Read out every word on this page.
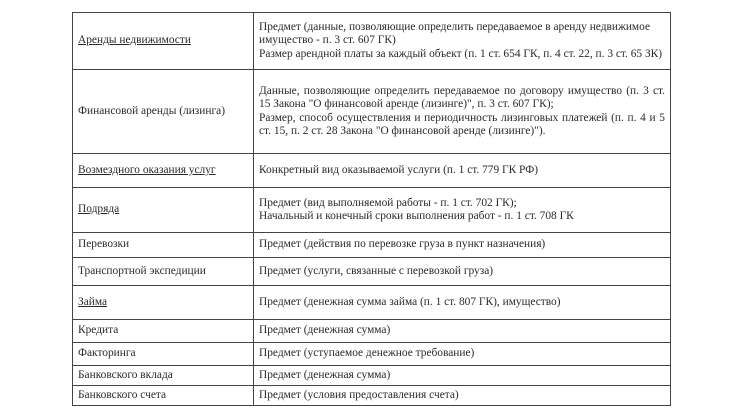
Аренды недвижимости	Предмет (данные, позволяющие определить передаваемое в аренду недвижимое имущество - п. 3 ст. 607 ГК)
Размер арендной платы за каждый объект (п. 1 ст. 654 ГК, п. 4 ст. 22, п. 3 ст. 65 ЗК)

Финансовой аренды (лизинга)	Данные, позволяющие определить передаваемое по договору имущество (п. 3 ст. 15 Закона "О финансовой аренде (лизинге)", п. 3 ст. 607 ГК);
Размер, способ осуществления и периодичность лизинговых платежей (п. п. 4 и 5 ст. 15, п. 2 ст. 28 Закона "О финансовой аренде (лизинге)").

Возмездного оказания услуг	Конкретный вид оказываемой услуги (п. 1 ст. 779 ГК РФ)

Подряда	Предмет (вид выполняемой работы - п. 1 ст. 702 ГК);
Начальный и конечный сроки выполнения работ - п. 1 ст. 708 ГК

Перевозки	Предмет (действия по перевозке груза в пункт назначения)

Транспортной экспедиции	Предмет (услуги, связанные с перевозкой груза)

Займа	Предмет (денежная сумма займа (п. 1 ст. 807 ГК), имущество)

Кредита	Предмет (денежная сумма)

Факторинга	Предмет (уступаемое денежное требование)

Банковского вклада	Предмет (денежная сумма)

Банковского счета	Предмет (условия предоставления счета)
